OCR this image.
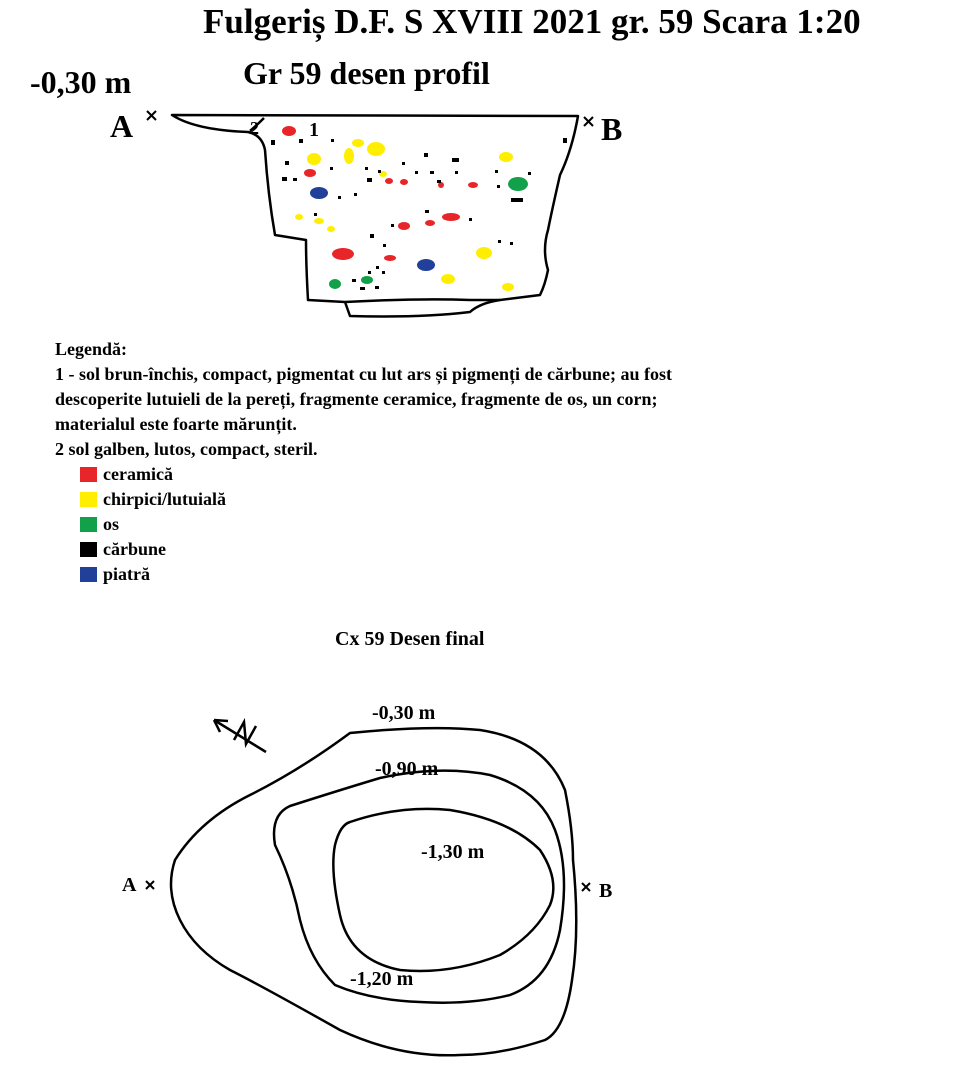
Fulgeriș D.F. S XVIII 2021 gr. 59 Scara 1:20
-0,30 m	Gr 59 desen profil
A	B
2	1
Legendă:
1 - sol brun-închis, compact, pigmentat cu lut ars și pigmenți de cărbune; au fost descoperite lutuieli de la pereți, fragmente ceramice, fragmente de os, un corn; materialul este foarte mărunțit.
2 sol galben, lutos, compact, steril.
ceramică
chirpici/lutuială
os
cărbune
piatră
Cx 59 Desen final
-0,30 m
-0,90 m
-1,30 m
-1,20 m
A	B
